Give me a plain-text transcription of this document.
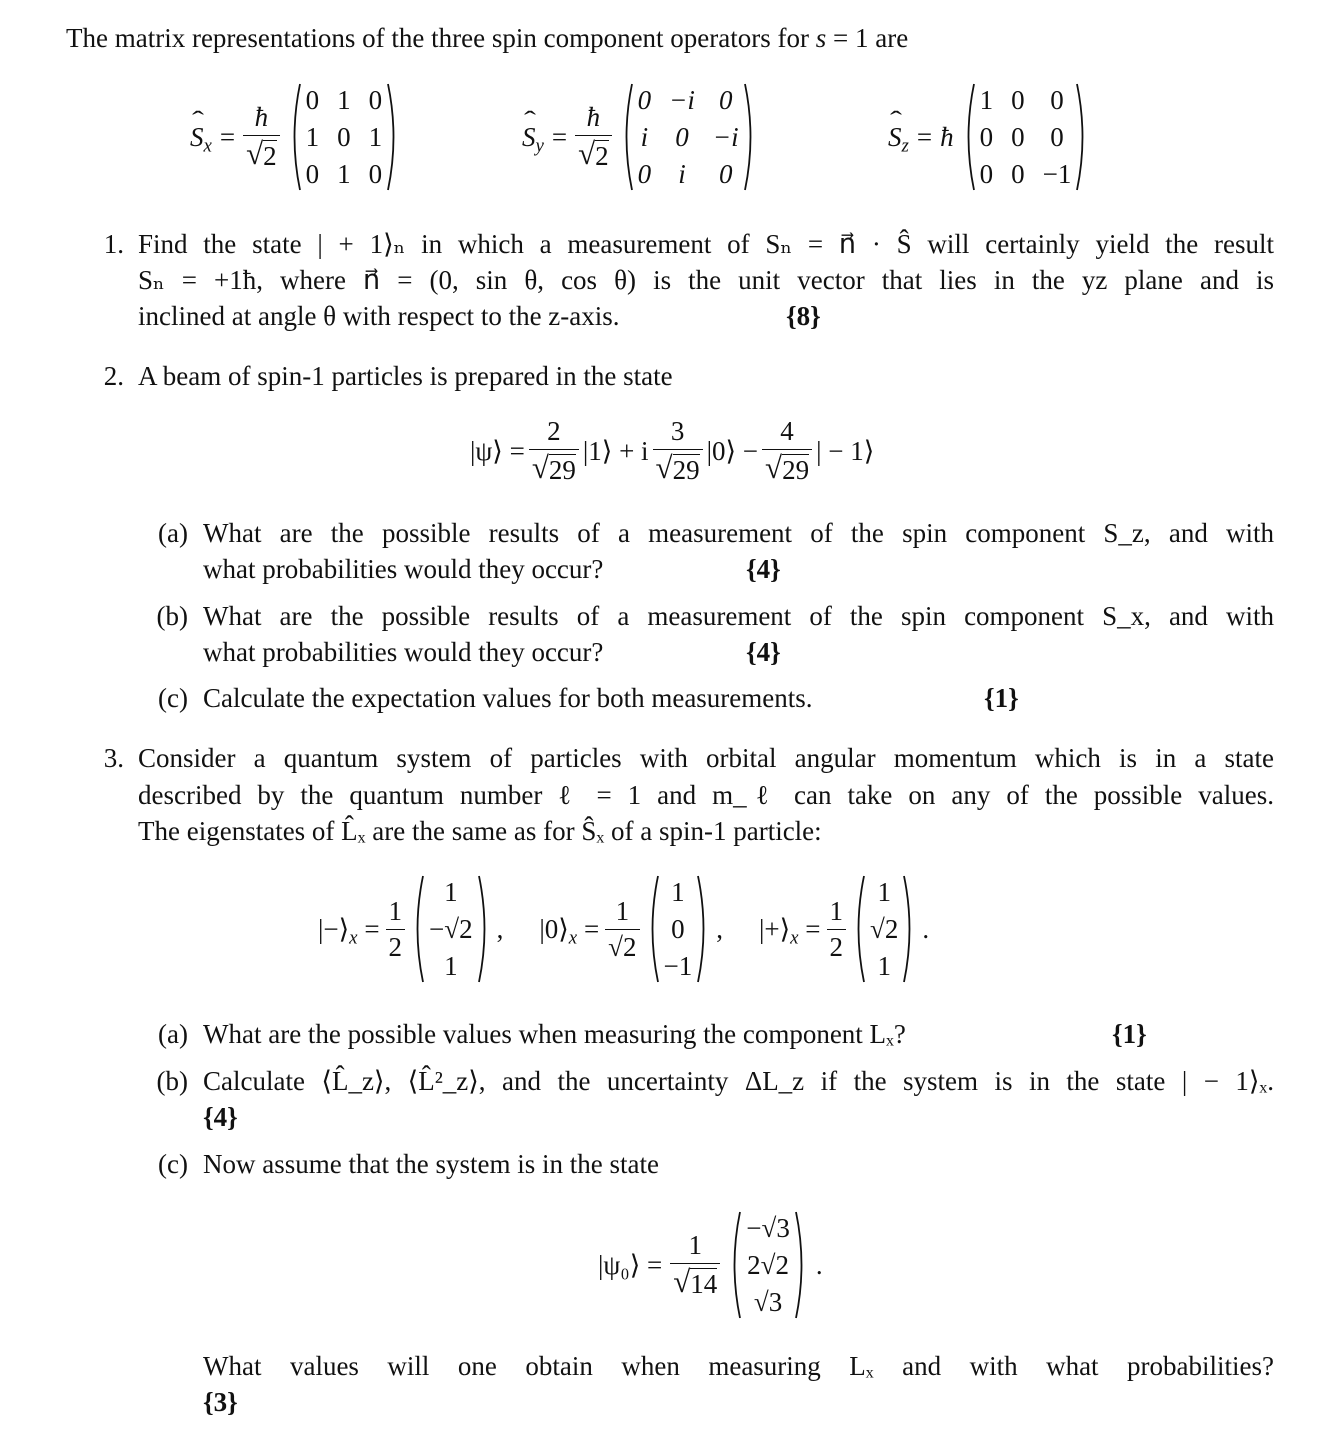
The matrix representations of the three spin component operators for s = 1 are
ˆ $S_x = \frac{ħ}{√ 2}$
0 1 0
1 0 1
0 1 0
ˆ $S_y = \frac{ħ}{√ 2}$
0 −i 0
i 0 −i
0 i 0
ˆ $S_z$ = ħ
1 0 0
0 0 0
0 0 −1
1. Find the state | + 1⟩ₙ in which a measurement of Sₙ = n⃗ · Ŝ will certainly yield the result
Sₙ = +1ħ, where n⃗ = (0, sin θ, cos θ) is the unit vector that lies in the yz plane and is
inclined at angle θ with respect to the z-axis.	{8}
2. A beam of spin-1 particles is prepared in the state
|ψ⟩ = $\frac{2}{√ 29}$ |1⟩ + i $\frac{3}{√ 29}$ |0⟩ − $\frac{4}{√ 29}$ | − 1⟩
(a) What are the possible results of a measurement of the spin component S_z, and with
what probabilities would they occur?	{4}
(b) What are the possible results of a measurement of the spin component S_x, and with
what probabilities would they occur?	{4}
(c) Calculate the expectation values for both measurements.	{1}
3. Consider a quantum system of particles with orbital angular momentum which is in a state
described by the quantum number ℓ = 1 and m_ℓ can take on any of the possible values.
The eigenstates of L̂ₓ are the same as for Ŝₓ of a spin-1 particle:
$|-⟩_x = \frac{1}{2}$
1
−√2
1
, $|0⟩_x = \frac{1}{√2}$
1
0
−1
, $|+⟩_x = \frac{1}{2}$
1
√2
1
.
(a) What are the possible values when measuring the component Lₓ?	{1}
(b) Calculate ⟨L̂_z⟩, ⟨L̂²_z⟩, and the uncertainty ΔL_z if the system is in the state | − 1⟩ₓ.
{4}
(c) Now assume that the system is in the state
|ψ₀⟩ = $\frac{1}{√ 14}$
−√3
2√2
√3
.
What values will one obtain when measuring Lₓ and with what probabilities?
{3}
